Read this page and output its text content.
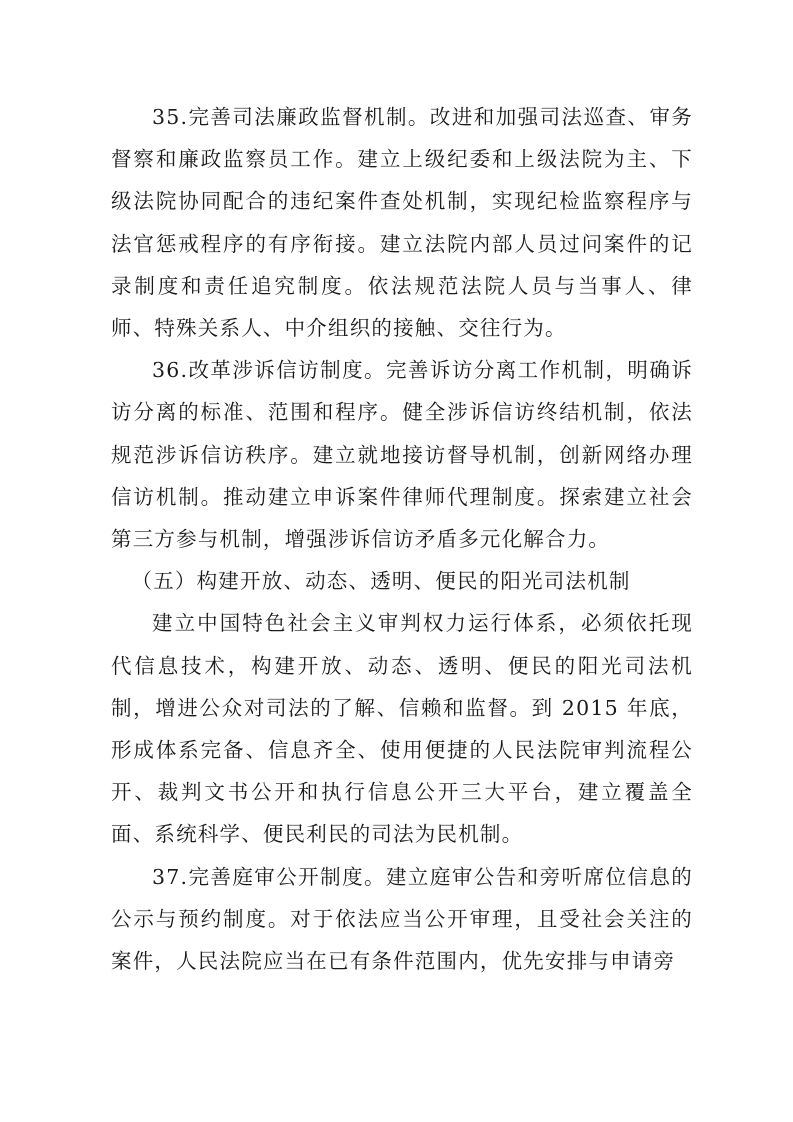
35.完善司法廉政监督机制。改进和加强司法巡查、审务督察和廉政监察员工作。建立上级纪委和上级法院为主、下级法院协同配合的违纪案件查处机制，实现纪检监察程序与法官惩戒程序的有序衔接。建立法院内部人员过问案件的记录制度和责任追究制度。依法规范法院人员与当事人、律师、特殊关系人、中介组织的接触、交往行为。

36.改革涉诉信访制度。完善诉访分离工作机制，明确诉访分离的标准、范围和程序。健全涉诉信访终结机制，依法规范涉诉信访秩序。建立就地接访督导机制，创新网络办理信访机制。推动建立申诉案件律师代理制度。探索建立社会第三方参与机制，增强涉诉信访矛盾多元化解合力。

（五）构建开放、动态、透明、便民的阳光司法机制

建立中国特色社会主义审判权力运行体系，必须依托现代信息技术，构建开放、动态、透明、便民的阳光司法机制，增进公众对司法的了解、信赖和监督。到 2015 年底，形成体系完备、信息齐全、使用便捷的人民法院审判流程公开、裁判文书公开和执行信息公开三大平台，建立覆盖全面、系统科学、便民利民的司法为民机制。

37.完善庭审公开制度。建立庭审公告和旁听席位信息的公示与预约制度。对于依法应当公开审理，且受社会关注的案件，人民法院应当在已有条件范围内，优先安排与申请旁
